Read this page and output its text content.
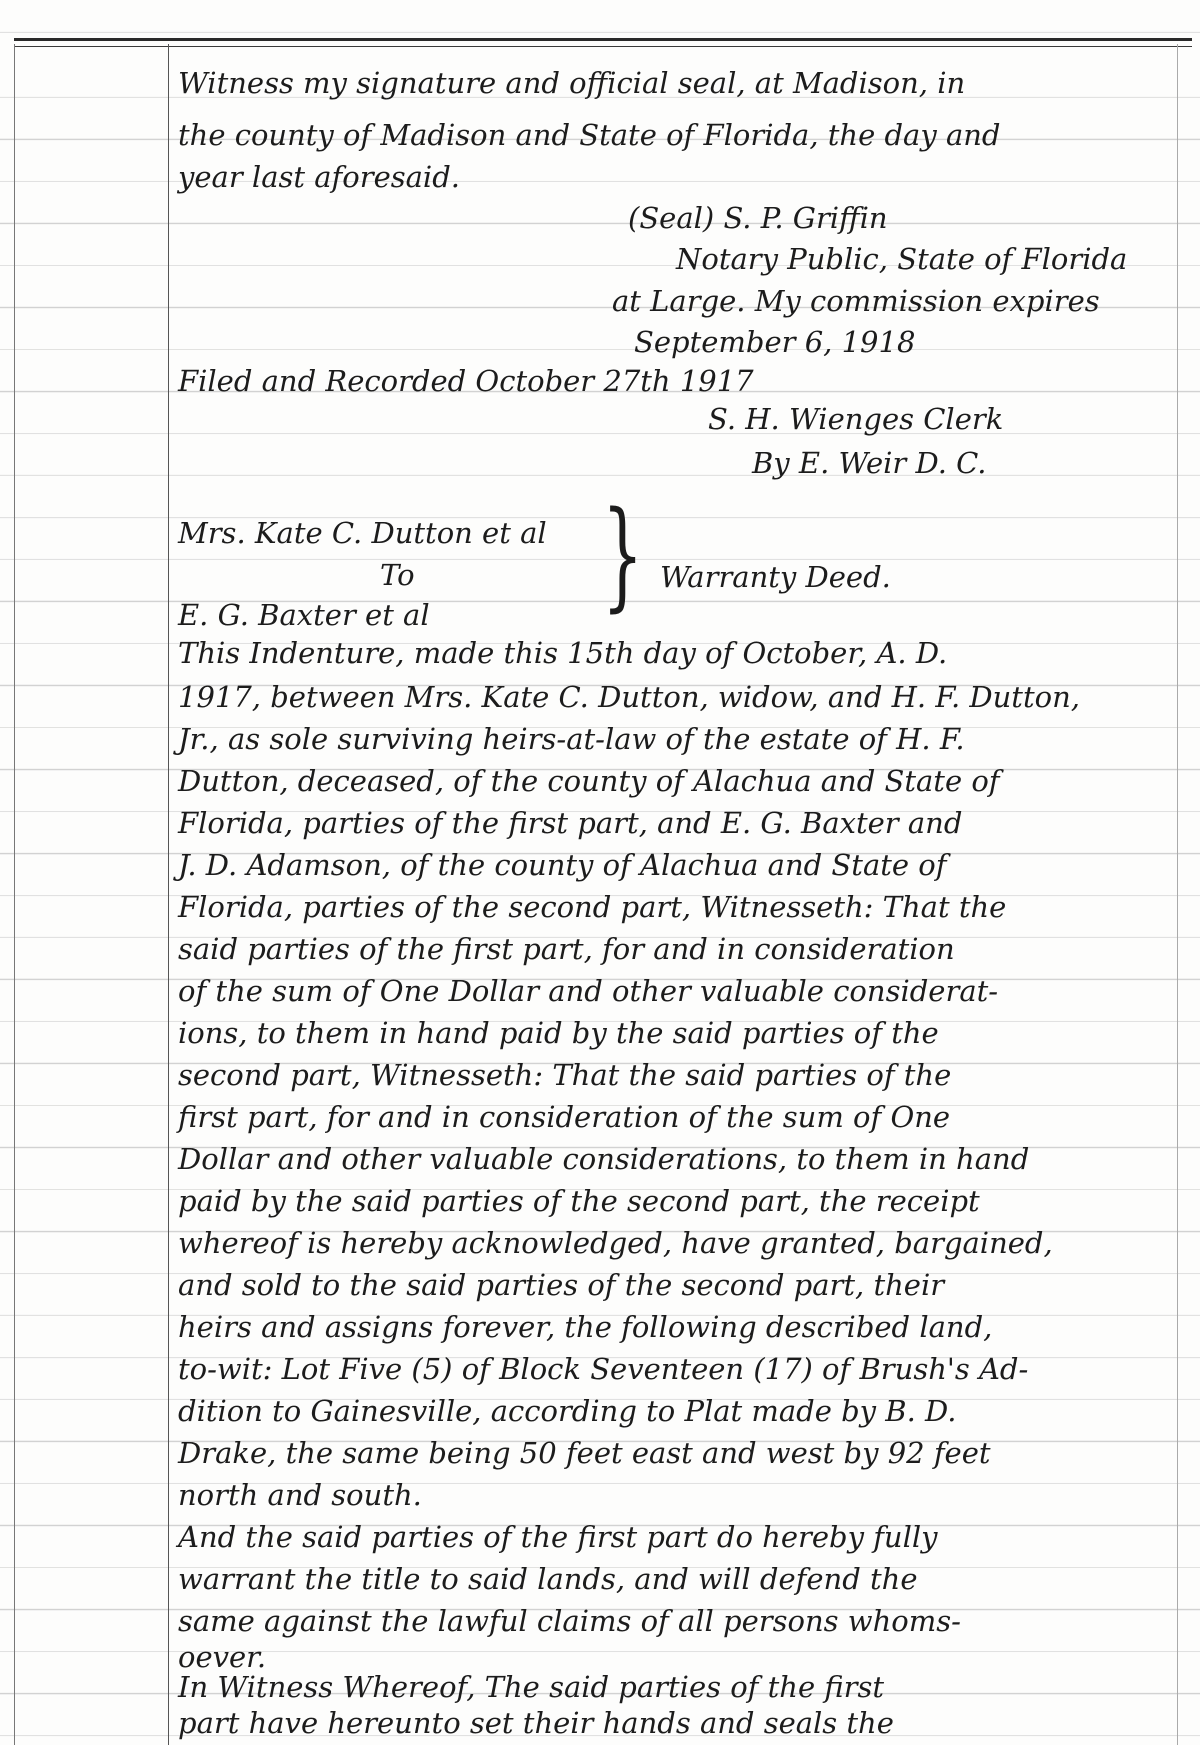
Witness my signature and official seal, at Madison, in

the county of Madison and State of Florida, the day and

year last aforesaid.

(Seal) S. P. Griffin

Notary Public, State of Florida

at Large. My commission expires

September 6, 1918

Filed and Recorded October 27th 1917

S. H. Wienges Clerk

By E. Weir D. C.

Mrs. Kate C. Dutton et al

To } Warranty Deed.

E. G. Baxter et al

This Indenture, made this 15th day of October, A. D.

1917, between Mrs. Kate C. Dutton, widow, and H. F. Dutton,

Jr., as sole surviving heirs-at-law of the estate of H. F.

Dutton, deceased, of the county of Alachua and State of

Florida, parties of the first part, and E. G. Baxter and

J. D. Adamson, of the county of Alachua and State of

Florida, parties of the second part, Witnesseth: That the

said parties of the first part, for and in consideration

of the sum of One Dollar and other valuable considerat-

ions, to them in hand paid by the said parties of the

second part, Witnesseth: That the said parties of the

first part, for and in consideration of the sum of One

Dollar and other valuable considerations, to them in hand

paid by the said parties of the second part, the receipt

whereof is hereby acknowledged, have granted, bargained,

and sold to the said parties of the second part, their

heirs and assigns forever, the following described land,

to-wit: Lot Five (5) of Block Seventeen (17) of Brush's Ad-

dition to Gainesville, according to Plat made by B. D.

Drake, the same being 50 feet east and west by 92 feet

north and south.

And the said parties of the first part do hereby fully

warrant the title to said lands, and will defend the

same against the lawful claims of all persons whoms-

oever.

In Witness Whereof, The said parties of the first

part have hereunto set their hands and seals the
